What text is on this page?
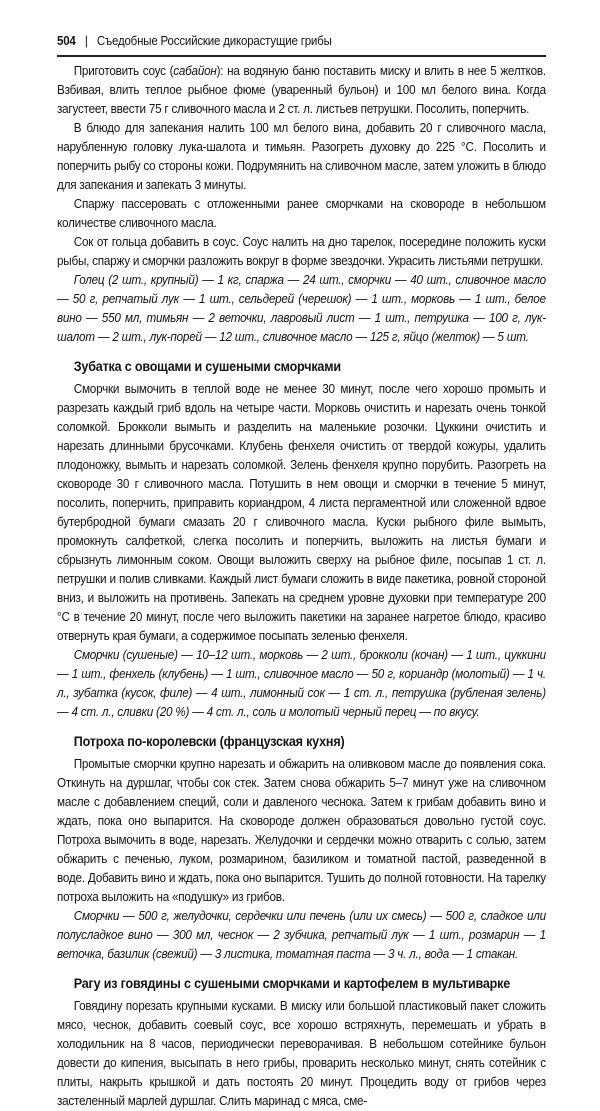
504 | Съедобные Российские дикорастущие грибы

Приготовить соус (сабайон): на водяную баню поставить миску и влить в нее 5 желтков. Взбивая, влить теплое рыбное фюме (уваренный бульон) и 100 мл белого вина. Когда загустеет, ввести 75 г сливочного масла и 2 ст. л. листьев петрушки. Посолить, поперчить.

В блюдо для запекания налить 100 мл белого вина, добавить 20 г сливочного масла, нарубленную головку лука-шалота и тимьян. Разогреть духовку до 225 °С. Посолить и поперчить рыбу со стороны кожи. Подрумянить на сливочном масле, затем уложить в блюдо для запекания и запекать 3 минуты.

Спаржу пассеровать с отложенными ранее сморчками на сковороде в небольшом количестве сливочного масла.

Сок от гольца добавить в соус. Соус налить на дно тарелок, посередине положить куски рыбы, спаржу и сморчки разложить вокруг в форме звездочки. Украсить листьями петрушки.

Голец (2 шт., крупный) — 1 кг, спаржа — 24 шт., сморчки — 40 шт., сливочное масло — 50 г, репчатый лук — 1 шт., сельдерей (черешок) — 1 шт., морковь — 1 шт., белое вино — 550 мл, тимьян — 2 веточки, лавровый лист — 1 шт., петрушка — 100 г, лук-шалот — 2 шт., лук-порей — 12 шт., сливочное масло — 125 г, яйцо (желток) — 5 шт.

Зубатка с овощами и сушеными сморчками

Сморчки вымочить в теплой воде не менее 30 минут, после чего хорошо промыть и разрезать каждый гриб вдоль на четыре части. Морковь очистить и нарезать очень тонкой соломкой. Брокколи вымыть и разделить на маленькие розочки. Цуккини очистить и нарезать длинными брусочками. Клубень фенхеля очистить от твердой кожуры, удалить плодоножку, вымыть и нарезать соломкой. Зелень фенхеля крупно порубить. Разогреть на сковороде 30 г сливочного масла. Потушить в нем овощи и сморчки в течение 5 минут, посолить, поперчить, приправить кориандром, 4 листа пергаментной или сложенной вдвое бутербродной бумаги смазать 20 г сливочного масла. Куски рыбного филе вымыть, промокнуть салфеткой, слегка посолить и поперчить, выложить на листья бумаги и сбрызнуть лимонным соком. Овощи выложить сверху на рыбное филе, посыпав 1 ст. л. петрушки и полив сливками. Каждый лист бумаги сложить в виде пакетика, ровной стороной вниз, и выложить на противень. Запекать на среднем уровне духовки при температуре 200 °С в течение 20 минут, после чего выложить пакетики на заранее нагретое блюдо, красиво отвернуть края бумаги, а содержимое посыпать зеленью фенхеля.

Сморчки (сушеные) — 10–12 шт., морковь — 2 шт., брокколи (кочан) — 1 шт., цуккини — 1 шт., фенхель (клубень) — 1 шт., сливочное масло — 50 г, кориандр (молотый) — 1 ч. л., зубатка (кусок, филе) — 4 шт., лимонный сок — 1 ст. л., петрушка (рубленая зелень) — 4 ст. л., сливки (20 %) — 4 ст. л., соль и молотый черный перец — по вкусу.

Потроха по-королевски (французская кухня)

Промытые сморчки крупно нарезать и обжарить на оливковом масле до появления сока. Откинуть на дуршлаг, чтобы сок стек. Затем снова обжарить 5–7 минут уже на сливочном масле с добавлением специй, соли и давленого чеснока. Затем к грибам добавить вино и ждать, пока оно выпарится. На сковороде должен образоваться довольно густой соус. Потроха вымочить в воде, нарезать. Желудочки и сердечки можно отварить с солью, затем обжарить с печенью, луком, розмарином, базиликом и томатной пастой, разведенной в воде. Добавить вино и ждать, пока оно выпарится. Тушить до полной готовности. На тарелку потроха выложить на «подушку» из грибов.

Сморчки — 500 г, желудочки, сердечки или печень (или их смесь) — 500 г, сладкое или полусладкое вино — 300 мл, чеснок — 2 зубчика, репчатый лук — 1 шт., розмарин — 1 веточка, базилик (свежий) — 3 листика, томатная паста — 3 ч. л., вода — 1 стакан.

Рагу из говядины с сушеными сморчками и картофелем в мультиварке

Говядину порезать крупными кусками. В миску или большой пластиковый пакет сложить мясо, чеснок, добавить соевый соус, все хорошо встряхнуть, перемешать и убрать в холодильник на 8 часов, периодически переворачивая. В небольшом сотейнике бульон довести до кипения, высыпать в него грибы, проварить несколько минут, снять сотейник с плиты, накрыть крышкой и дать постоять 20 минут. Процедить воду от грибов через застеленный марлей дуршлаг. Слить маринад с мяса, сме-
